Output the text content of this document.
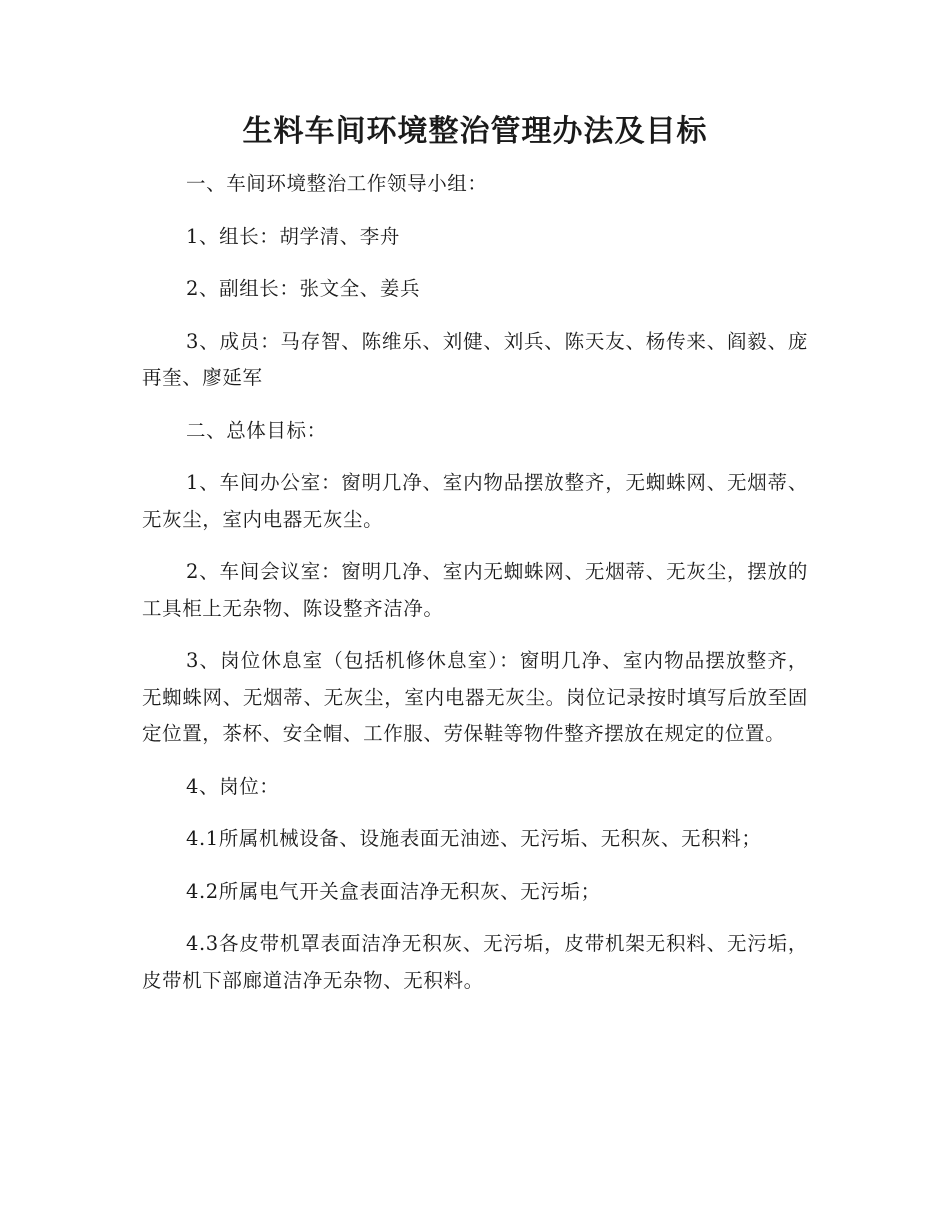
生料车间环境整治管理办法及目标

一、车间环境整治工作领导小组：

1、组长：胡学清、李舟

2、副组长：张文全、姜兵

3、成员：马存智、陈维乐、刘健、刘兵、陈天友、杨传来、阎毅、庞再奎、廖延军

二、总体目标：

1、车间办公室：窗明几净、室内物品摆放整齐，无蜘蛛网、无烟蒂、无灰尘，室内电器无灰尘。

2、车间会议室：窗明几净、室内无蜘蛛网、无烟蒂、无灰尘，摆放的工具柜上无杂物、陈设整齐洁净。

3、岗位休息室（包括机修休息室）：窗明几净、室内物品摆放整齐，无蜘蛛网、无烟蒂、无灰尘，室内电器无灰尘。岗位记录按时填写后放至固定位置，茶杯、安全帽、工作服、劳保鞋等物件整齐摆放在规定的位置。

4、岗位：

4.1所属机械设备、设施表面无油迹、无污垢、无积灰、无积料；

4.2所属电气开关盒表面洁净无积灰、无污垢；

4.3各皮带机罩表面洁净无积灰、无污垢，皮带机架无积料、无污垢，皮带机下部廊道洁净无杂物、无积料。
